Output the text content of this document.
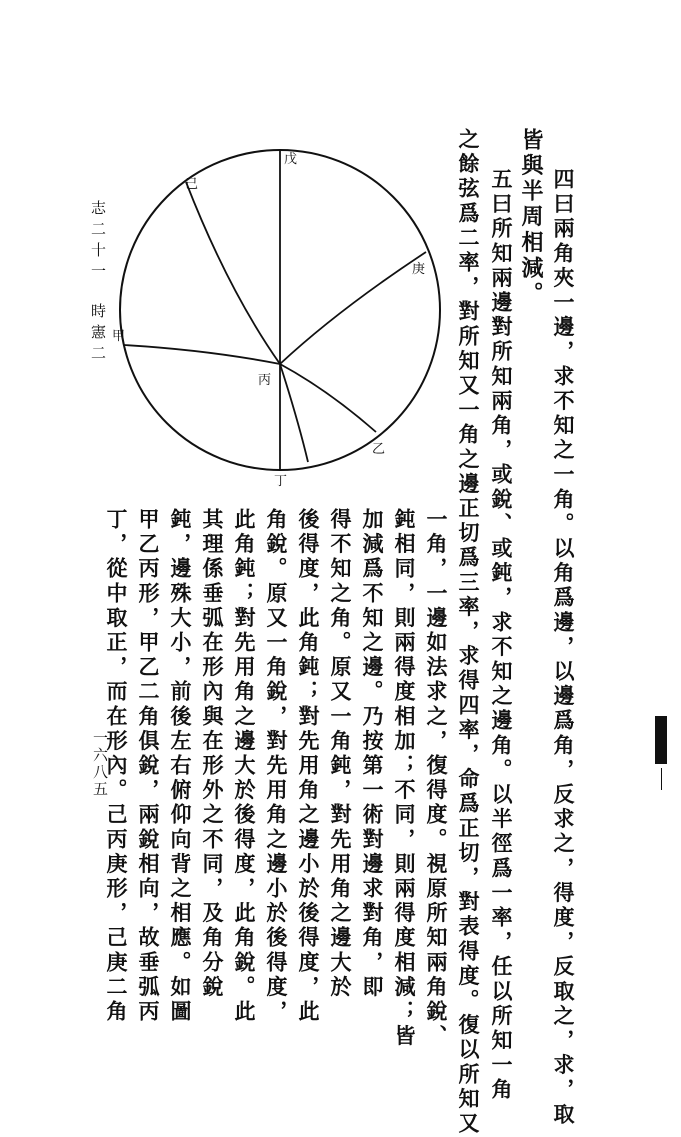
志二十一
時憲二
戊
己
庚
甲
丙
乙
丁
皆與半周相減。 四曰兩角夾一邊，求不知之一角。以角爲邊，以邊爲角，反求之，得度，反取之，求，取
五曰所知兩邊對所知兩角，或銳、或鈍，求不知之邊角。以半徑爲一率，任以所知一角
之餘弦爲二率，對所知又一角之邊正切爲三率，求得四率，命爲正切，對表得度。復以所知又
一角，一邊如法求之，復得度。視原所知兩角銳、
鈍相同，則兩得度相加；不同，則兩得度相減；皆
加減爲不知之邊。乃按第一術對邊求對角，即
得不知之角。原又一角鈍，對先用角之邊大於
後得度，此角鈍；對先用角之邊小於後得度，此
角銳。原又一角銳，對先用角之邊小於後得度，
此角鈍；對先用角之邊大於後得度，此角銳。此
其理係垂弧在形內與在形外之不同，及角分銳
鈍，邊殊大小，前後左右俯仰向背之相應。如圖
甲乙丙形，甲乙二角俱銳，兩銳相向，故垂弧丙
丁，從中取正，而在形內。己丙庚形，己庚二角
一六八五
